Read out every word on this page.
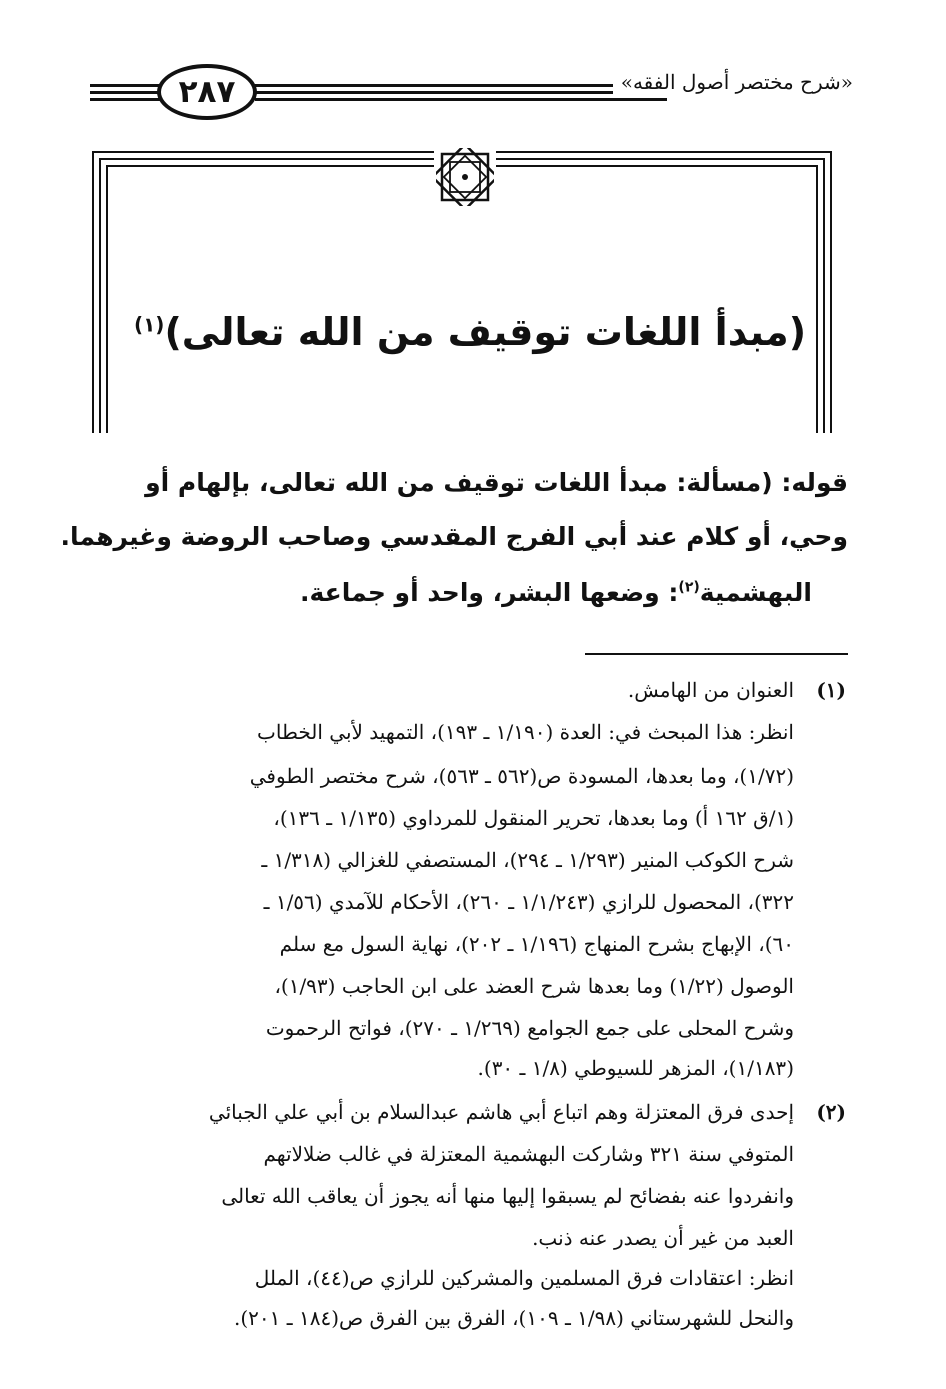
٢٨٧	«شرح مختصر أصول الفقه»
(مبدأ اللغات توقيف من الله تعالى)$^{(١)}$
قوله: (مسألة: مبدأ اللغات توقيف من الله تعالى، بإلهام أو
وحي، أو كلام عند أبي الفرج المقدسي وصاحب الروضة وغيرهما.
البهشمية$^{(٢)}$: وضعها البشر، واحد أو جماعة.
(١)
العنوان من الهامش.
انظر: هذا المبحث في: العدة (١/١٩٠ ـ ١٩٣)، التمهيد لأبي الخطاب
(١/٧٢)، وما بعدها، المسودة ص(٥٦٢ ـ ٥٦٣)، شرح مختصر الطوفي
(١/ق ١٦٢ أ) وما بعدها، تحرير المنقول للمرداوي (١/١٣٥ ـ ١٣٦)،
شرح الكوكب المنير (١/٢٩٣ ـ ٢٩٤)، المستصفي للغزالي (١/٣١٨ ـ
٣٢٢)، المحصول للرازي (١/١/٢٤٣ ـ ٢٦٠)، الأحكام للآمدي (١/٥٦ ـ
٦٠)، الإبهاج بشرح المنهاج (١/١٩٦ ـ ٢٠٢)، نهاية السول مع سلم
الوصول (١/٢٢) وما بعدها شرح العضد على ابن الحاجب (١/٩٣)،
وشرح المحلى على جمع الجوامع (١/٢٦٩ ـ ٢٧٠)، فواتح الرحموت
(١/١٨٣)، المزهر للسيوطي (١/٨ ـ ٣٠).
(٢)
إحدى فرق المعتزلة وهم اتباع أبي هاشم عبدالسلام بن أبي علي الجبائي
المتوفي سنة ٣٢١ وشاركت البهشمية المعتزلة في غالب ضلالاتهم
وانفردوا عنه بفضائح لم يسبقوا إليها منها أنه يجوز أن يعاقب الله تعالى
العبد من غير أن يصدر عنه ذنب.
انظر: اعتقادات فرق المسلمين والمشركين للرازي ص(٤٤)، الملل
والنحل للشهرستاني (١/٩٨ ـ ١٠٩)، الفرق بين الفرق ص(١٨٤ ـ ٢٠١).
